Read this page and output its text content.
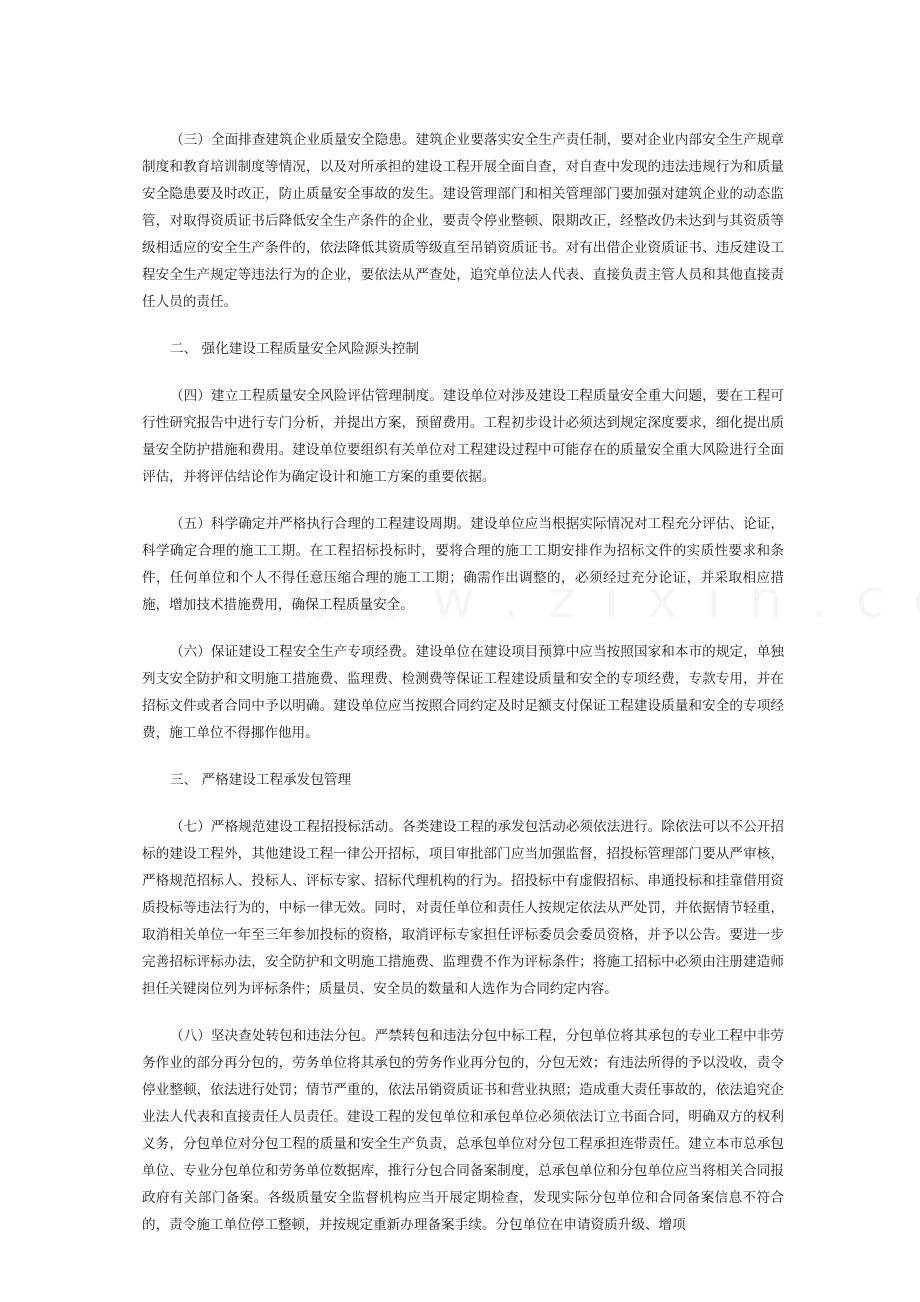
（三）全面排查建筑企业质量安全隐患。建筑企业要落实安全生产责任制，要对企业内部安全生产规章制度和教育培训制度等情况，以及对所承担的建设工程开展全面自查，对自查中发现的违法违规行为和质量安全隐患要及时改正，防止质量安全事故的发生。建设管理部门和相关管理部门要加强对建筑企业的动态监管，对取得资质证书后降低安全生产条件的企业，要责令停业整顿、限期改正，经整改仍未达到与其资质等级相适应的安全生产条件的，依法降低其资质等级直至吊销资质证书。对有出借企业资质证书、违反建设工程安全生产规定等违法行为的企业，要依法从严查处，追究单位法人代表、直接负责主管人员和其他直接责任人员的责任。

二、 强化建设工程质量安全风险源头控制

（四）建立工程质量安全风险评估管理制度。建设单位对涉及建设工程质量安全重大问题，要在工程可行性研究报告中进行专门分析，并提出方案，预留费用。工程初步设计必须达到规定深度要求，细化提出质量安全防护措施和费用。建设单位要组织有关单位对工程建设过程中可能存在的质量安全重大风险进行全面评估，并将评估结论作为确定设计和施工方案的重要依据。

（五）科学确定并严格执行合理的工程建设周期。建设单位应当根据实际情况对工程充分评估、论证，科学确定合理的施工工期。在工程招标投标时，要将合理的施工工期安排作为招标文件的实质性要求和条件，任何单位和个人不得任意压缩合理的施工工期；确需作出调整的，必须经过充分论证，并采取相应措施，增加技术措施费用，确保工程质量安全。

（六）保证建设工程安全生产专项经费。建设单位在建设项目预算中应当按照国家和本市的规定，单独列支安全防护和文明施工措施费、监理费、检测费等保证工程建设质量和安全的专项经费，专款专用，并在招标文件或者合同中予以明确。建设单位应当按照合同约定及时足额支付保证工程建设质量和安全的专项经费，施工单位不得挪作他用。

三、 严格建设工程承发包管理

（七）严格规范建设工程招投标活动。各类建设工程的承发包活动必须依法进行。除依法可以不公开招标的建设工程外，其他建设工程一律公开招标，项目审批部门应当加强监督，招投标管理部门要从严审核，严格规范招标人、投标人、评标专家、招标代理机构的行为。招投标中有虚假招标、串通投标和挂靠借用资质投标等违法行为的，中标一律无效。同时，对责任单位和责任人按规定依法从严处罚，并依据情节轻重，取消相关单位一年至三年参加投标的资格，取消评标专家担任评标委员会委员资格，并予以公告。要进一步完善招标评标办法，安全防护和文明施工措施费、监理费不作为评标条件；将施工招标中必须由注册建造师担任关键岗位列为评标条件；质量员、安全员的数量和人选作为合同约定内容。

（八）坚决查处转包和违法分包。严禁转包和违法分包中标工程，分包单位将其承包的专业工程中非劳务作业的部分再分包的，劳务单位将其承包的劳务作业再分包的，分包无效；有违法所得的予以没收，责令停业整顿，依法进行处罚；情节严重的，依法吊销资质证书和营业执照；造成重大责任事故的，依法追究企业法人代表和直接责任人员责任。建设工程的发包单位和承包单位必须依法订立书面合同，明确双方的权利义务，分包单位对分包工程的质量和安全生产负责，总承包单位对分包工程承担连带责任。建立本市总承包单位、专业分包单位和劳务单位数据库，推行分包合同备案制度，总承包单位和分包单位应当将相关合同报政府有关部门备案。各级质量安全监督机构应当开展定期检查，发现实际分包单位和合同备案信息不符合的，责令施工单位停工整顿，并按规定重新办理备案手续。分包单位在申请资质升级、增项
